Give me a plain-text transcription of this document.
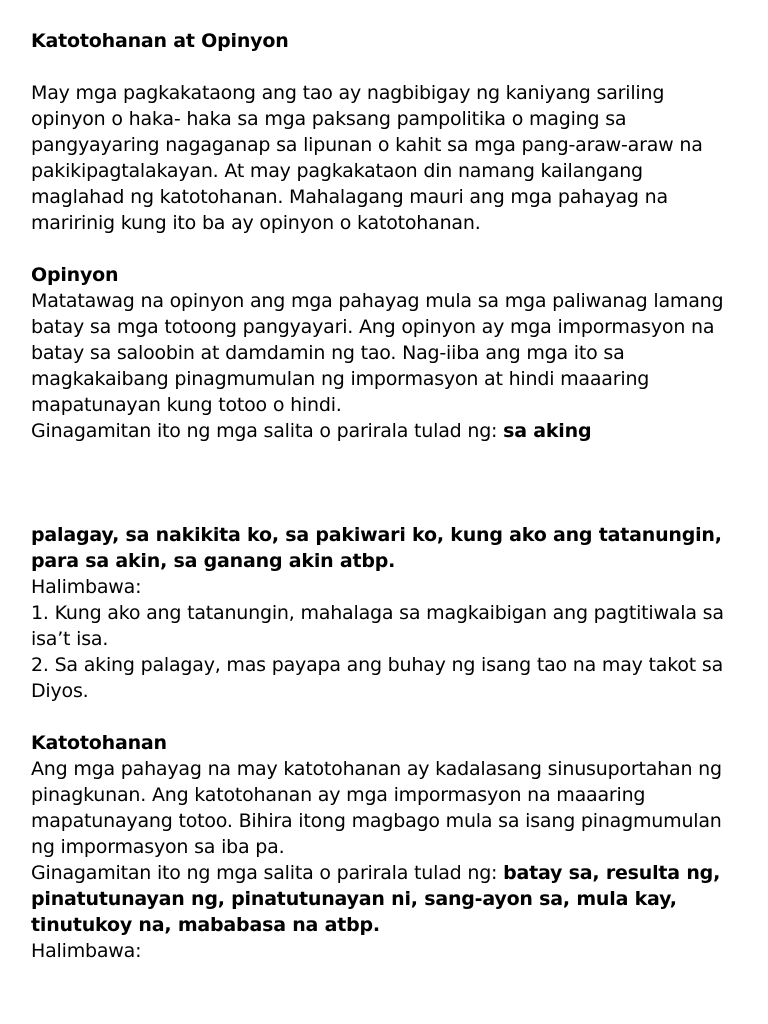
Katotohanan at Opinyon
May mga pagkakataong ang tao ay nagbibigay ng kaniyang sariling
opinyon o haka- haka sa mga paksang pampolitika o maging sa
pangyayaring nagaganap sa lipunan o kahit sa mga pang-araw-araw na
pakikipagtalakayan. At may pagkakataon din namang kailangang
maglahad ng katotohanan. Mahalagang mauri ang mga pahayag na
maririnig kung ito ba ay opinyon o katotohanan.
Opinyon
Matatawag na opinyon ang mga pahayag mula sa mga paliwanag lamang
batay sa mga totoong pangyayari. Ang opinyon ay mga impormasyon na
batay sa saloobin at damdamin ng tao. Nag-iiba ang mga ito sa
magkakaibang pinagmumulan ng impormasyon at hindi maaaring
mapatunayan kung totoo o hindi.
Ginagamitan ito ng mga salita o parirala tulad ng: sa aking
palagay, sa nakikita ko, sa pakiwari ko, kung ako ang tatanungin,
para sa akin, sa ganang akin atbp.
Halimbawa:
1. Kung ako ang tatanungin, mahalaga sa magkaibigan ang pagtitiwala sa
isa’t isa.
2. Sa aking palagay, mas payapa ang buhay ng isang tao na may takot sa
Diyos.
Katotohanan
Ang mga pahayag na may katotohanan ay kadalasang sinusuportahan ng
pinagkunan. Ang katotohanan ay mga impormasyon na maaaring
mapatunayang totoo. Bihira itong magbago mula sa isang pinagmumulan
ng impormasyon sa iba pa.
Ginagamitan ito ng mga salita o parirala tulad ng: batay sa, resulta ng,
pinatutunayan ng, pinatutunayan ni, sang-ayon sa, mula kay,
tinutukoy na, mababasa na atbp.
Halimbawa:
